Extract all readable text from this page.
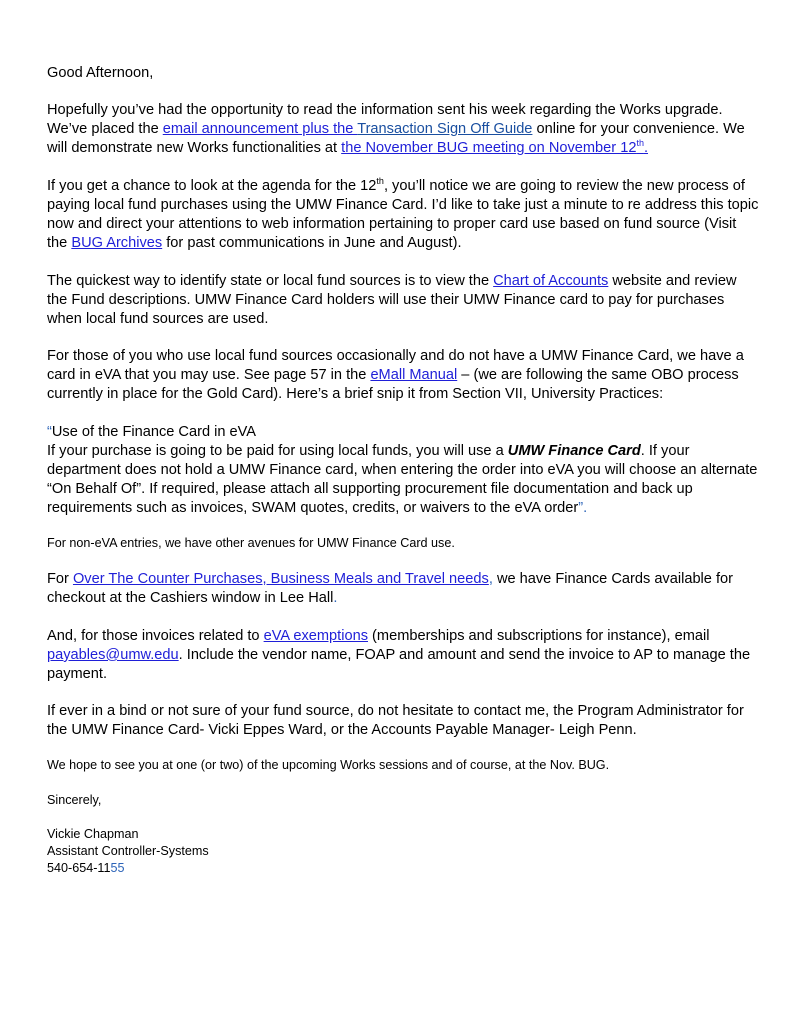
Good Afternoon,

Hopefully you’ve had the opportunity to read the information sent his week regarding the Works upgrade. We’ve placed the email announcement plus the Transaction Sign Off Guide online for your convenience. We will demonstrate new Works functionalities at the November BUG meeting on November 12th.

If you get a chance to look at the agenda for the 12th, you’ll notice we are going to review the new process of paying local fund purchases using the UMW Finance Card. I’d like to take just a minute to re address this topic now and direct your attentions to web information pertaining to proper card use based on fund source (Visit the BUG Archives for past communications in June and August).

The quickest way to identify state or local fund sources is to view the Chart of Accounts website and review the Fund descriptions. UMW Finance Card holders will use their UMW Finance card to pay for purchases when local fund sources are used.

For those of you who use local fund sources occasionally and do not have a UMW Finance Card, we have a card in eVA that you may use. See page 57 in the eMall Manual – (we are following the same OBO process currently in place for the Gold Card). Here’s a brief snip it from Section VII, University Practices:

“Use of the Finance Card in eVA
If your purchase is going to be paid for using local funds, you will use a UMW Finance Card. If your department does not hold a UMW Finance card, when entering the order into eVA you will choose an alternate “On Behalf Of”. If required, please attach all supporting procurement file documentation and back up requirements such as invoices, SWAM quotes, credits, or waivers to the eVA order”.

For non-eVA entries, we have other avenues for UMW Finance Card use.

For Over The Counter Purchases, Business Meals and Travel needs, we have Finance Cards available for checkout at the Cashiers window in Lee Hall.

And, for those invoices related to eVA exemptions (memberships and subscriptions for instance), email payables@umw.edu. Include the vendor name, FOAP and amount and send the invoice to AP to manage the payment.

If ever in a bind or not sure of your fund source, do not hesitate to contact me, the Program Administrator for the UMW Finance Card- Vicki Eppes Ward, or the Accounts Payable Manager- Leigh Penn.

We hope to see you at one (or two) of the upcoming Works sessions and of course, at the Nov. BUG.

Sincerely,

Vickie Chapman
Assistant Controller-Systems
540-654-1155
